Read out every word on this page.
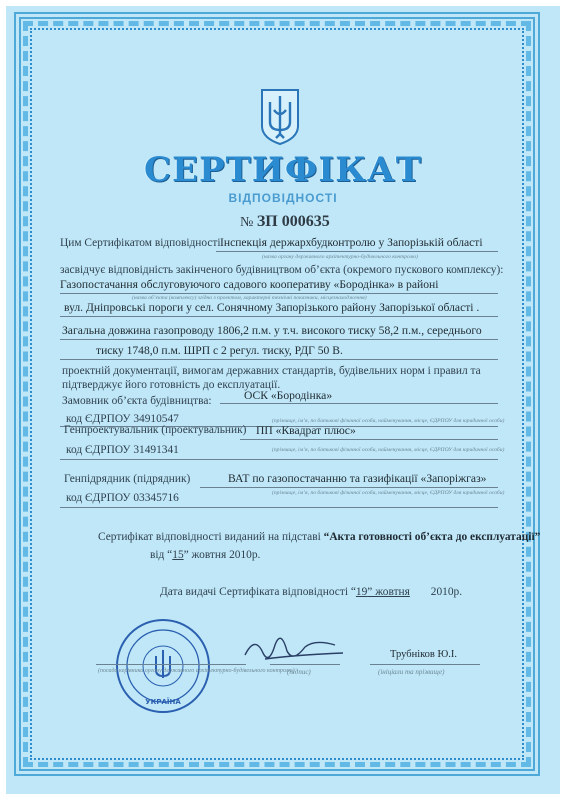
СЕРТИФІКАТ
ВІДПОВІДНОСТІ
№ ЗП 000635
Цим Сертифікатом відповідності Інспекція держархбудконтролю у Запорізькій області
(назва органу державного архітектурно-будівельного контролю)
засвідчує відповідність закінченого будівництвом об’єкта (окремого пускового комплексу):
Газопостачання обслуговуючого садового кооперативу «Бородінка» в районі
(назва об’єкта (комплексу) згідно з проектом, характерні технічні показники, місцезнаходження)
вул. Дніпровські пороги у сел. Сонячному Запорізького району Запорізької області .
Загальна довжина газопроводу 1806,2 п.м. у т.ч. високого тиску 58,2 п.м., середнього
тиску 1748,0 п.м. ШРП с 2 регул. тиску, РДГ 50 В.
проектній документації, вимогам державних стандартів, будівельних норм і правил та
підтверджує його готовність до експлуатації.
Замовник об’єкта будівництва:	ОСК «Бородінка»
код ЄДРПОУ 34910547	(прізвище, ім’я, по батькові фізичної особи, найменування, місце, ЄДРПОУ для юридичної особи)
Генпроектувальник (проектувальник) ПП «Квадрат плюс»
код ЄДРПОУ 31491341	(прізвище, ім’я, по батькові фізичної особи, найменування, місце, ЄДРПОУ для юридичної особи)
Генпідрядник (підрядник)	ВАТ по газопостачанню та газифікації «Запоріжгаз»
код ЄДРПОУ 03345716	(прізвище, ім’я, по батькові фізичної особи, найменування, місце, ЄДРПОУ для юридичної особи)
Сертифікат відповідності виданий на підставі “Акта готовності об’єкта до експлуатації”
від “15” жовтня 2010р.
Дата видачі Сертифіката відповідності “19” жовтня 2010р.
УКРАЇНА
(посада керівника органу державного архітектурно-будівельного контролю)
(підпис)
Трубніков Ю.І.
(ініціали та прізвище)
